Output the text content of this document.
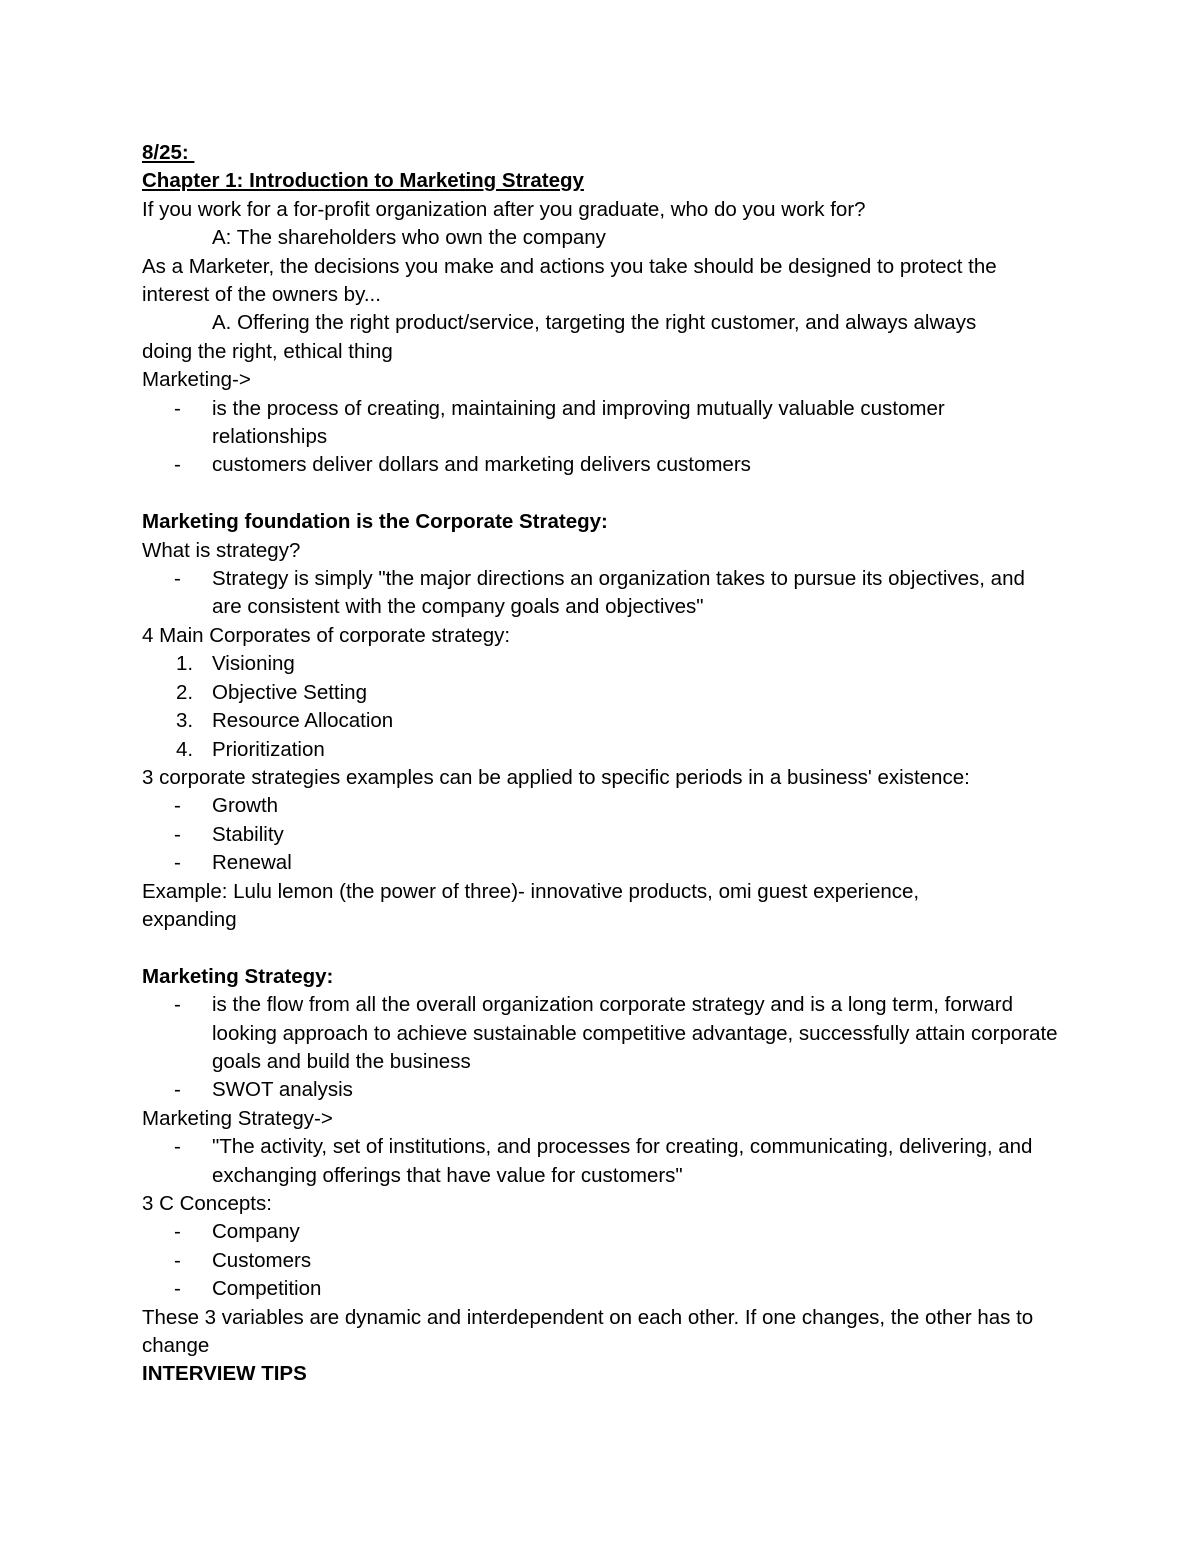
8/25:
Chapter 1: Introduction to Marketing Strategy
If you work for a for-profit organization after you graduate, who do you work for?
A: The shareholders who own the company
As a Marketer, the decisions you make and actions you take should be designed to protect the interest of the owners by...
A. Offering the right product/service, targeting the right customer, and always always
doing the right, ethical thing
Marketing->
-	is the process of creating, maintaining and improving mutually valuable customer relationships
-	customers deliver dollars and marketing delivers customers
Marketing foundation is the Corporate Strategy:
What is strategy?
-	Strategy is simply "the major directions an organization takes to pursue its objectives, and are consistent with the company goals and objectives"
4 Main Corporates of corporate strategy:
1. Visioning
2. Objective Setting
3. Resource Allocation
4. Prioritization
3 corporate strategies examples can be applied to specific periods in a business' existence:
-	Growth
-	Stability
-	Renewal
Example: Lulu lemon (the power of three)- innovative products, omi guest experience, expanding
Marketing Strategy:
-	is the flow from all the overall organization corporate strategy and is a long term, forward looking approach to achieve sustainable competitive advantage, successfully attain corporate goals and build the business
-	SWOT analysis
Marketing Strategy->
-	"The activity, set of institutions, and processes for creating, communicating, delivering, and exchanging offerings that have value for customers"
3 C Concepts:
-	Company
-	Customers
-	Competition
These 3 variables are dynamic and interdependent on each other. If one changes, the other has to change
INTERVIEW TIPS
